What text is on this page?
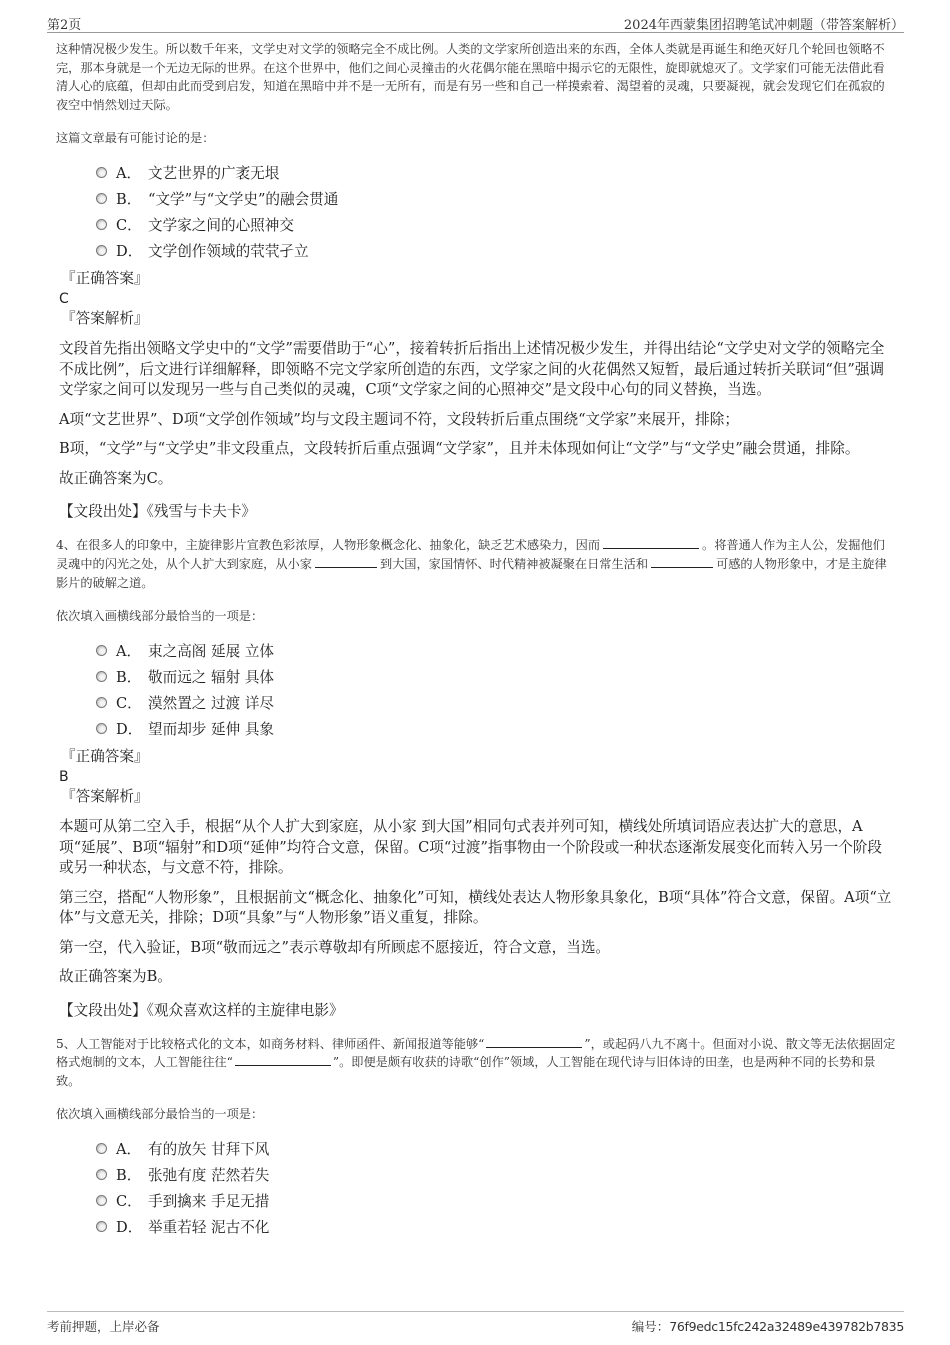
第2页	2024年西蒙集团招聘笔试冲刺题（带答案解析）

这种情况极少发生。所以数千年来，文学史对文学的领略完全不成比例。人类的文学家所创造出来的东西，全体人类就是再诞生和绝灭好几个轮回也领略不完，那本身就是一个无边无际的世界。在这个世界中，他们之间心灵撞击的火花偶尔能在黑暗中揭示它的无限性，旋即就熄灭了。文学家们可能无法借此看清人心的底蕴，但却由此而受到启发，知道在黑暗中并不是一无所有，而是有另一些和自己一样摸索着、渴望着的灵魂，只要凝视，就会发现它们在孤寂的夜空中悄然划过天际。

这篇文章最有可能讨论的是：

A． 文艺世界的广袤无垠
B． “文学”与“文学史”的融会贯通
C． 文学家之间的心照神交
D． 文学创作领域的茕茕孑立

『正确答案』

C

『答案解析』

文段首先指出领略文学史中的“文学”需要借助于“心”，接着转折后指出上述情况极少发生，并得出结论“文学史对文学的领略完全不成比例”，后文进行详细解释，即领略不完文学家所创造的东西，文学家之间的火花偶然又短暂，最后通过转折关联词“但”强调文学家之间可以发现另一些与自己类似的灵魂，C项“文学家之间的心照神交”是文段中心句的同义替换，当选。

A项“文艺世界”、D项“文学创作领域”均与文段主题词不符，文段转折后重点围绕“文学家”来展开，排除；

B项，“文学”与“文学史”非文段重点，文段转折后重点强调“文学家”，且并未体现如何让“文学”与“文学史”融会贯通，排除。

故正确答案为C。

【文段出处】《残雪与卡夫卡》

4、在很多人的印象中，主旋律影片宣教色彩浓厚，人物形象概念化、抽象化，缺乏艺术感染力，因而	。将普通人作为主人公，发掘他们灵魂中的闪光之处，从个人扩大到家庭，从小家	到大国，家国情怀、时代精神被凝聚在日常生活和	可感的人物形象中，才是主旋律影片的破解之道。

依次填入画横线部分最恰当的一项是：

A． 束之高阁 延展 立体
B． 敬而远之 辐射 具体
C． 漠然置之 过渡 详尽
D． 望而却步 延伸 具象

『正确答案』

B

『答案解析』

本题可从第二空入手，根据“从个人扩大到家庭，从小家 到大国”相同句式表并列可知，横线处所填词语应表达扩大的意思，A项“延展”、B项“辐射”和D项“延伸”均符合文意，保留。C项“过渡”指事物由一个阶段或一种状态逐渐发展变化而转入另一个阶段或另一种状态，与文意不符，排除。

第三空，搭配“人物形象”，且根据前文“概念化、抽象化”可知，横线处表达人物形象具象化，B项“具体”符合文意，保留。A项“立体”与文意无关，排除；D项“具象”与“人物形象”语义重复，排除。

第一空，代入验证，B项“敬而远之”表示尊敬却有所顾虑不愿接近，符合文意，当选。

故正确答案为B。

【文段出处】《观众喜欢这样的主旋律电影》

5、人工智能对于比较格式化的文本，如商务材料、律师函件、新闻报道等能够“	”，或起码八九不离十。但面对小说、散文等无法依据固定格式炮制的文本，人工智能往往“	”。即便是颇有收获的诗歌“创作”领域，人工智能在现代诗与旧体诗的田垄，也是两种不同的长势和景致。

依次填入画横线部分最恰当的一项是：

A． 有的放矢 甘拜下风
B． 张弛有度 茫然若失
C． 手到擒来 手足无措
D． 举重若轻 泥古不化
考前押题，上岸必备	编号：76f9edc15fc242a32489e439782b7835
